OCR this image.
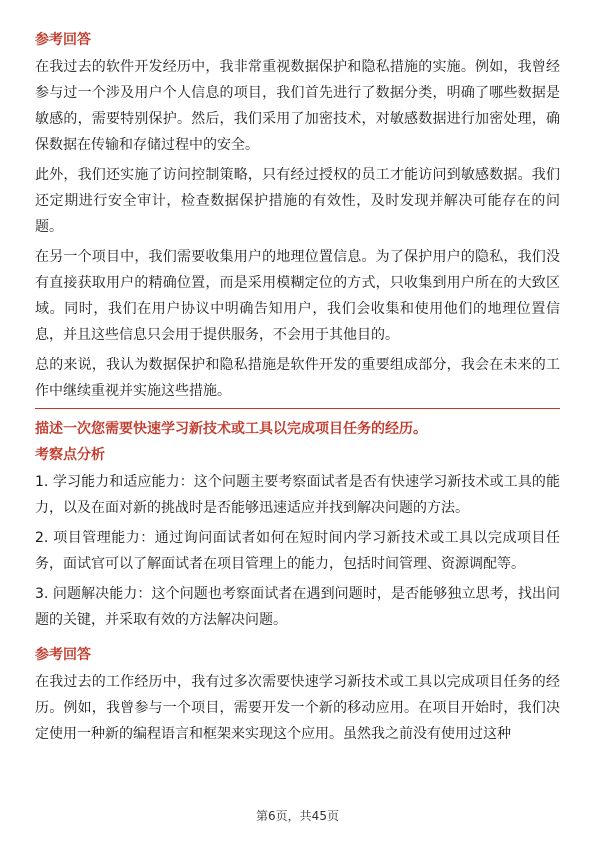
参考回答

在我过去的软件开发经历中，我非常重视数据保护和隐私措施的实施。例如，我曾经参与过一个涉及用户个人信息的项目，我们首先进行了数据分类，明确了哪些数据是敏感的，需要特别保护。然后，我们采用了加密技术，对敏感数据进行加密处理，确保数据在传输和存储过程中的安全。

此外，我们还实施了访问控制策略，只有经过授权的员工才能访问到敏感数据。我们还定期进行安全审计，检查数据保护措施的有效性，及时发现并解决可能存在的问题。

在另一个项目中，我们需要收集用户的地理位置信息。为了保护用户的隐私，我们没有直接获取用户的精确位置，而是采用模糊定位的方式，只收集到用户所在的大致区域。同时，我们在用户协议中明确告知用户，我们会收集和使用他们的地理位置信息，并且这些信息只会用于提供服务，不会用于其他目的。

总的来说，我认为数据保护和隐私措施是软件开发的重要组成部分，我会在未来的工作中继续重视并实施这些措施。

描述一次您需要快速学习新技术或工具以完成项目任务的经历。
考察点分析

1. 学习能力和适应能力：这个问题主要考察面试者是否有快速学习新技术或工具的能力，以及在面对新的挑战时是否能够迅速适应并找到解决问题的方法。

2. 项目管理能力：通过询问面试者如何在短时间内学习新技术或工具以完成项目任务，面试官可以了解面试者在项目管理上的能力，包括时间管理、资源调配等。

3. 问题解决能力：这个问题也考察面试者在遇到问题时，是否能够独立思考，找出问题的关键，并采取有效的方法解决问题。

参考回答

在我过去的工作经历中，我有过多次需要快速学习新技术或工具以完成项目任务的经历。例如，我曾参与一个项目，需要开发一个新的移动应用。在项目开始时，我们决定使用一种新的编程语言和框架来实现这个应用。虽然我之前没有使用过这种

第6页，共45页
